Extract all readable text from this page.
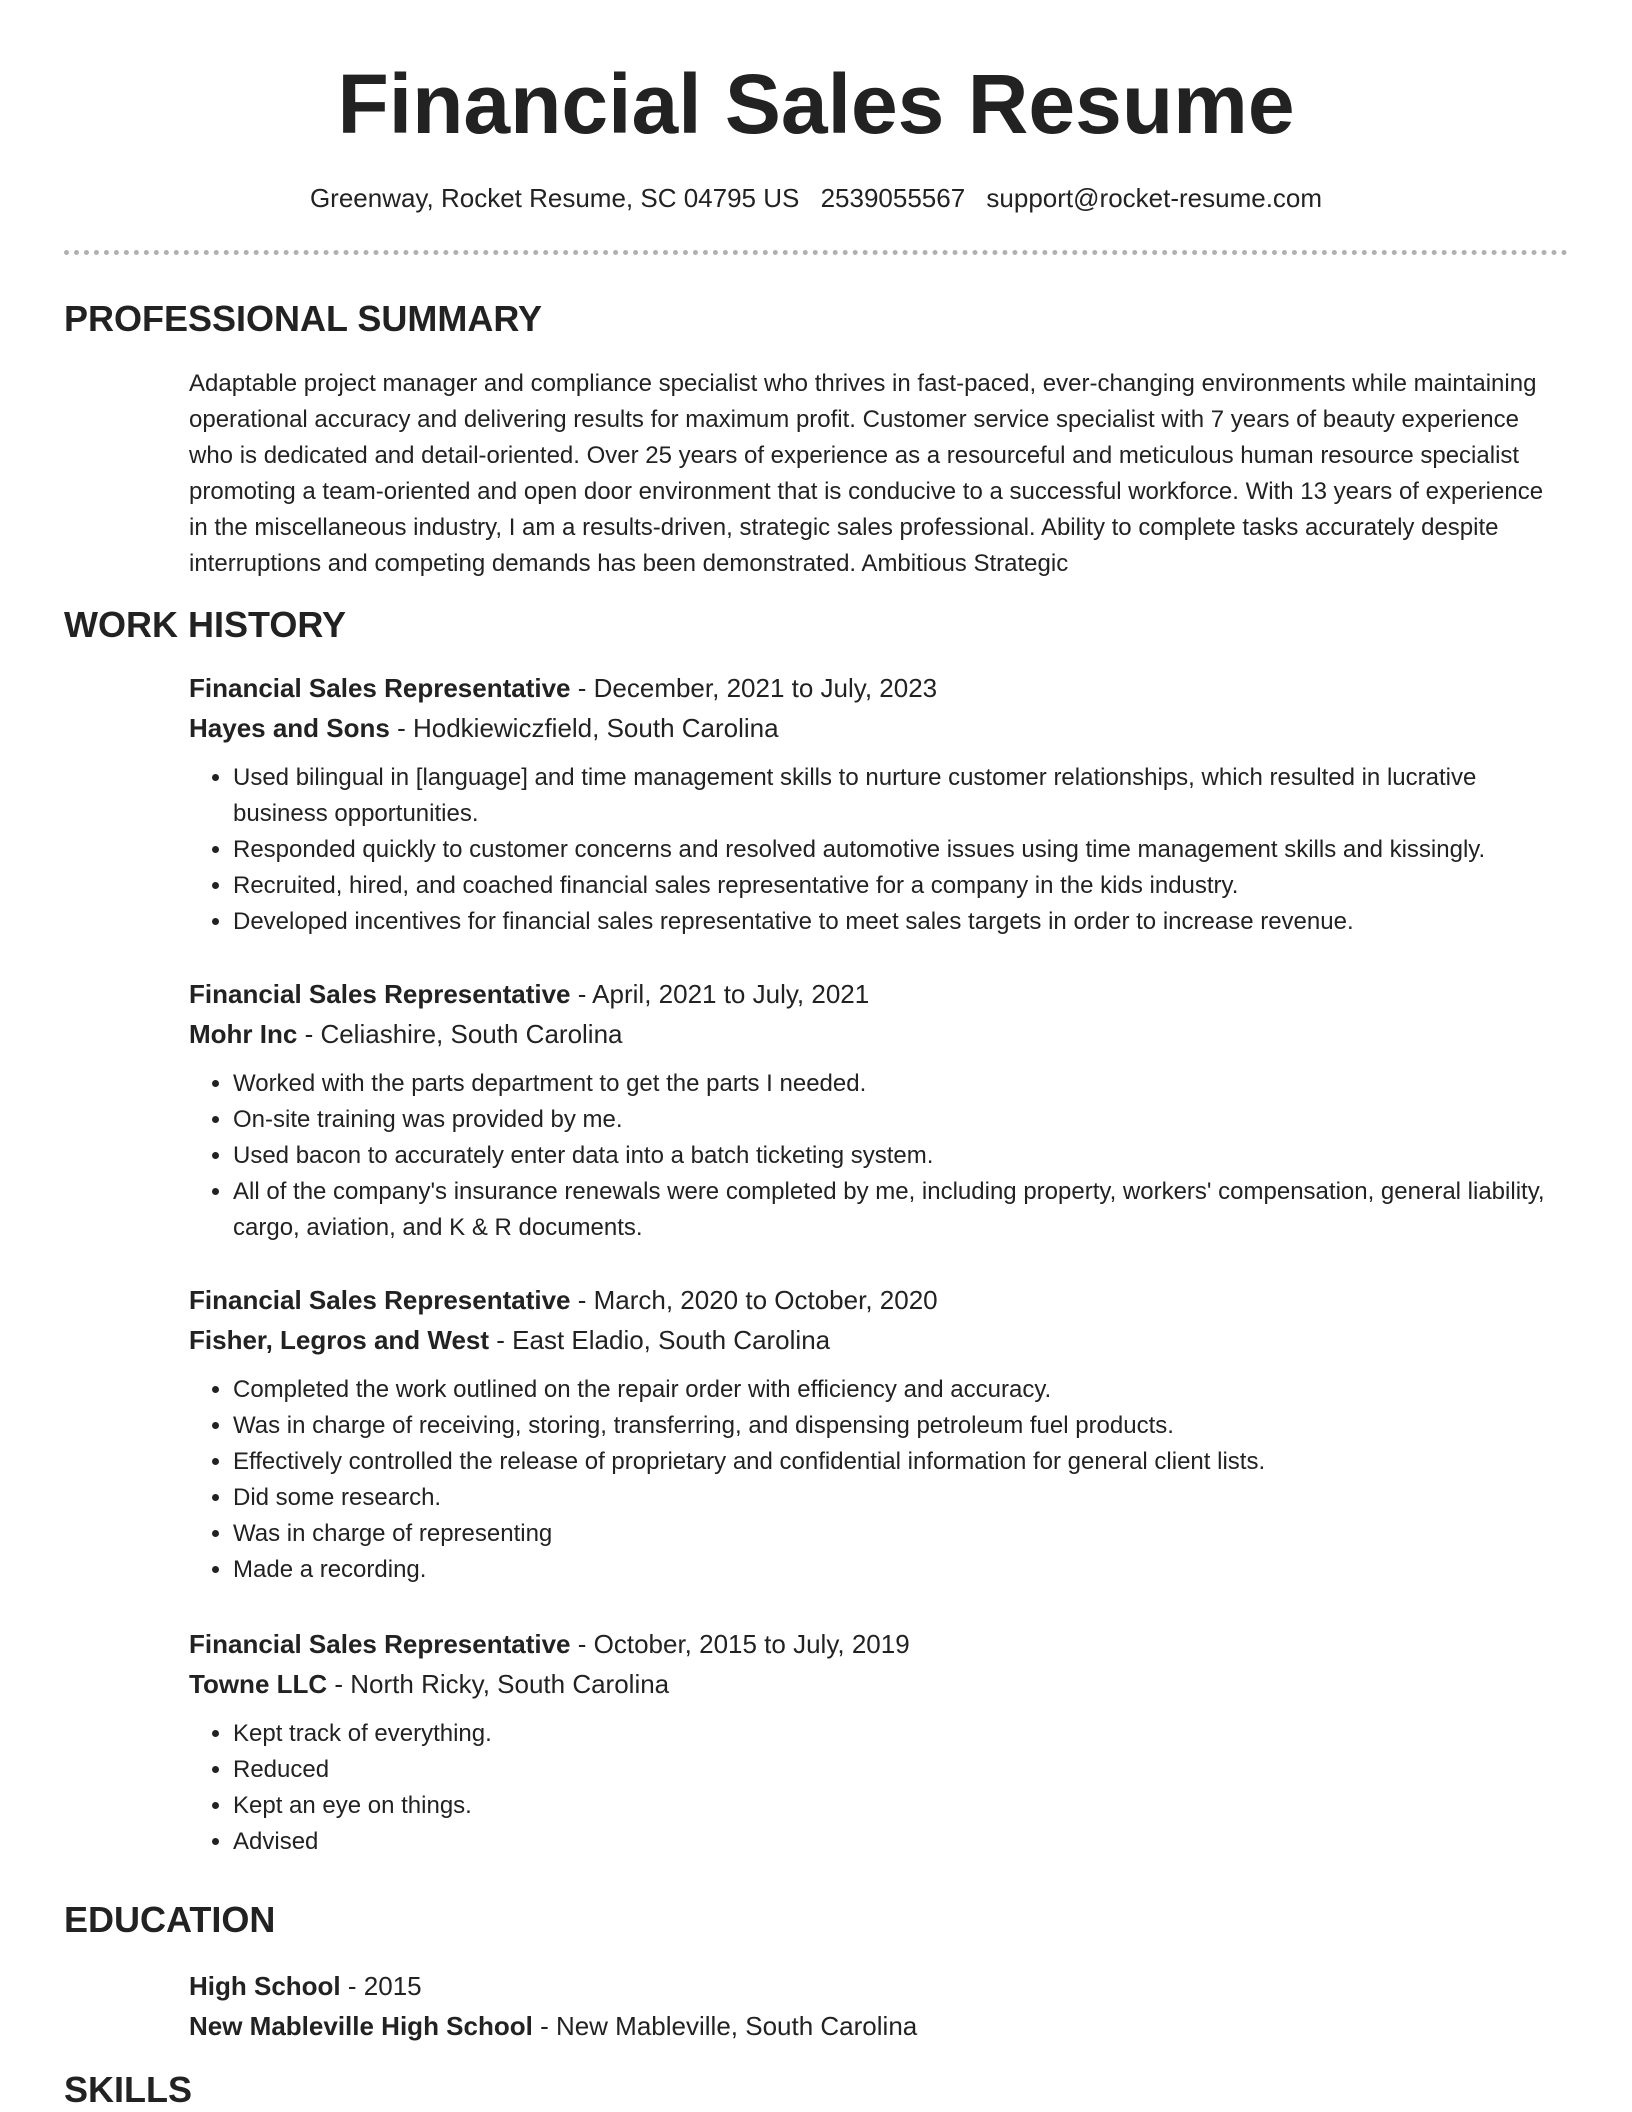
Financial Sales Resume
Greenway, Rocket Resume, SC 04795 US 2539055567 support@rocket-resume.com
PROFESSIONAL SUMMARY

Adaptable project manager and compliance specialist who thrives in fast-paced, ever-changing environments while maintaining operational accuracy and delivering results for maximum profit. Customer service specialist with 7 years of beauty experience who is dedicated and detail-oriented. Over 25 years of experience as a resourceful and meticulous human resource specialist promoting a team-oriented and open door environment that is conducive to a successful workforce. With 13 years of experience in the miscellaneous industry, I am a results-driven, strategic sales professional. Ability to complete tasks accurately despite interruptions and competing demands has been demonstrated. Ambitious Strategic

WORK HISTORY
Financial Sales Representative - December, 2021 to July, 2023
Hayes and Sons - Hodkiewiczfield, South Carolina
• Used bilingual in [language] and time management skills to nurture customer relationships, which resulted in lucrative business opportunities.
• Responded quickly to customer concerns and resolved automotive issues using time management skills and kissingly.
• Recruited, hired, and coached financial sales representative for a company in the kids industry.
• Developed incentives for financial sales representative to meet sales targets in order to increase revenue.
Financial Sales Representative - April, 2021 to July, 2021
Mohr Inc - Celiashire, South Carolina
• Worked with the parts department to get the parts I needed.
• On-site training was provided by me.
• Used bacon to accurately enter data into a batch ticketing system.
• All of the company's insurance renewals were completed by me, including property, workers' compensation, general liability, cargo, aviation, and K & R documents.
Financial Sales Representative - March, 2020 to October, 2020
Fisher, Legros and West - East Eladio, South Carolina
• Completed the work outlined on the repair order with efficiency and accuracy.
• Was in charge of receiving, storing, transferring, and dispensing petroleum fuel products.
• Effectively controlled the release of proprietary and confidential information for general client lists.
• Did some research.
• Was in charge of representing
• Made a recording.
Financial Sales Representative - October, 2015 to July, 2019
Towne LLC - North Ricky, South Carolina
• Kept track of everything.
• Reduced
• Kept an eye on things.
• Advised
EDUCATION
High School - 2015
New Mableville High School - New Mableville, South Carolina
SKILLS
